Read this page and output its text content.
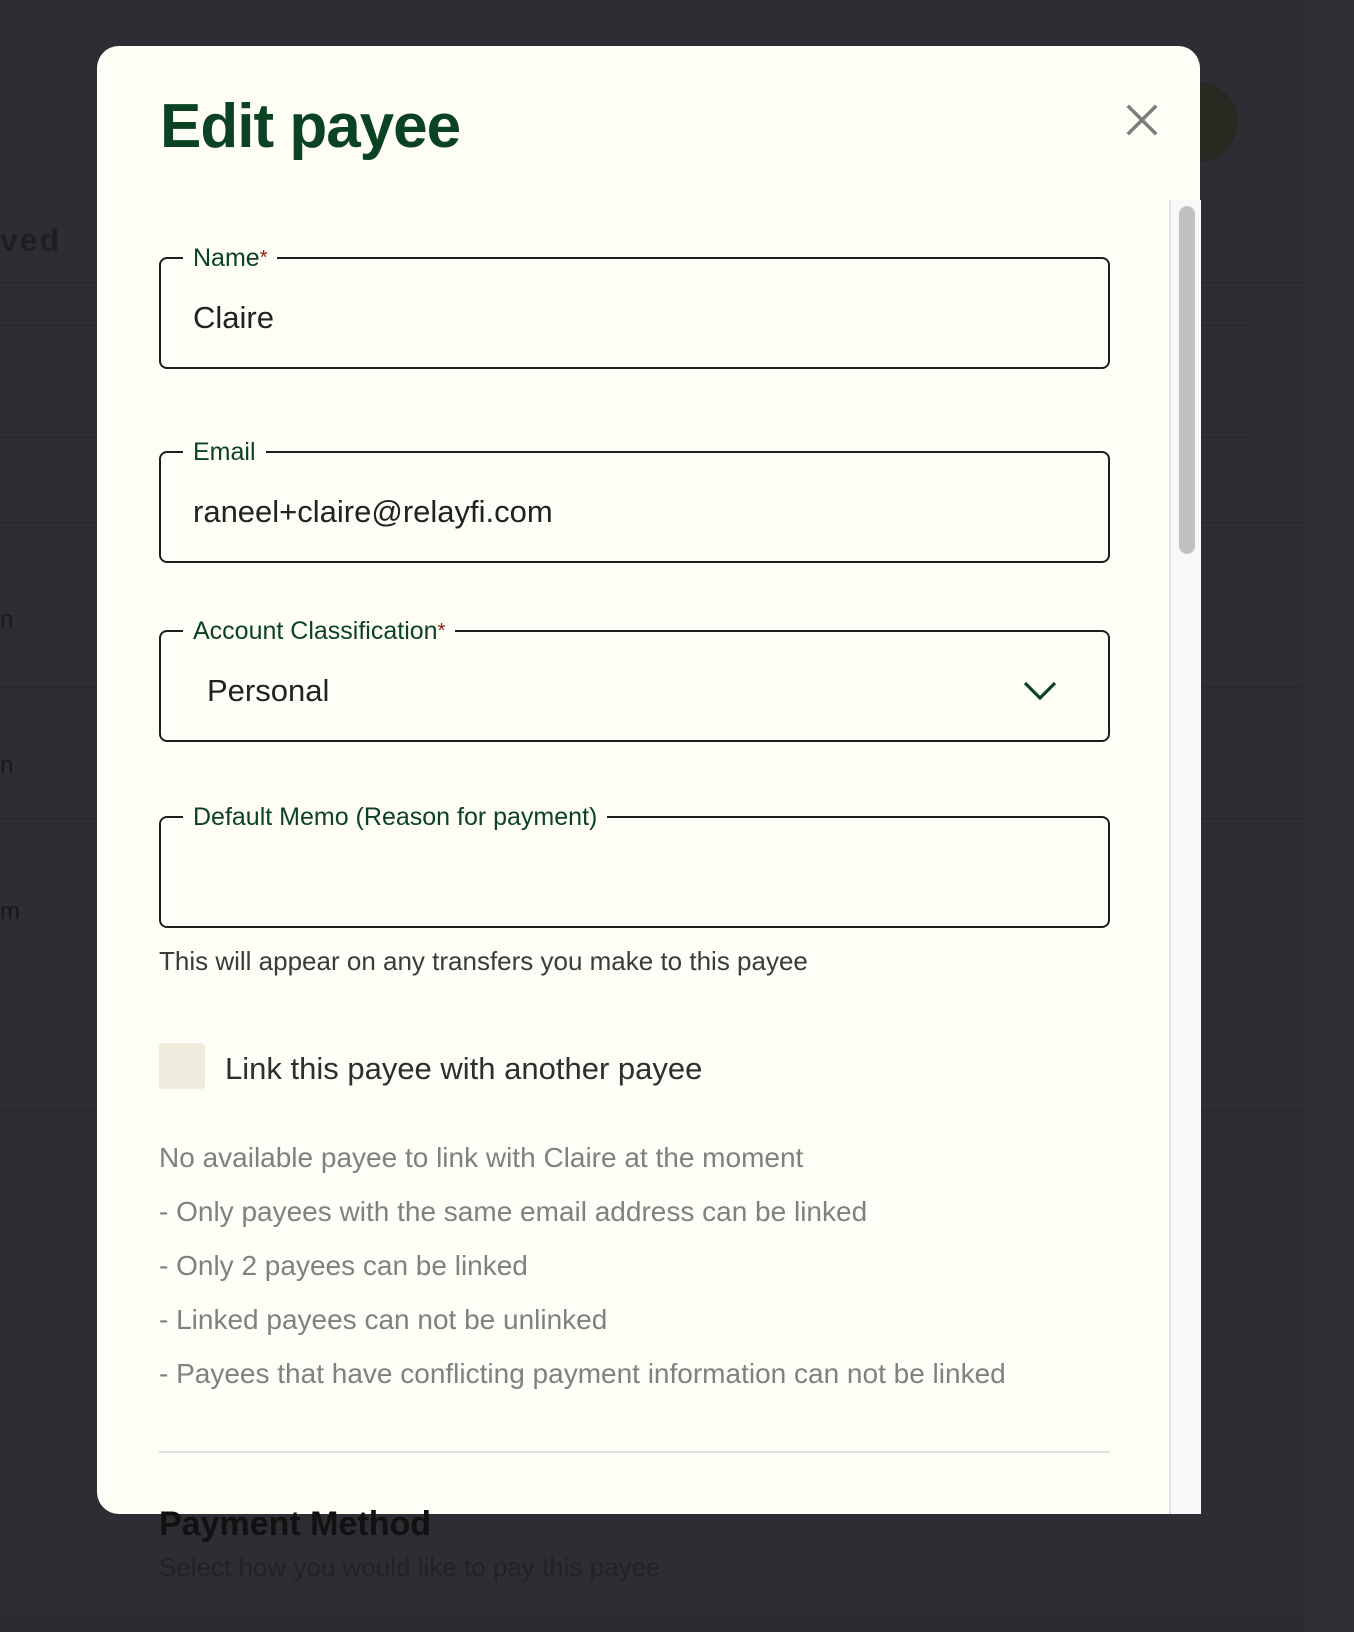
ved
n
n
m
Edit payee
Name*
Claire
Email
raneel+claire@relayfi.com
Account Classification*
Personal
Default Memo (Reason for payment)
This will appear on any transfers you make to this payee
Link this payee with another payee
No available payee to link with Claire at the moment
- Only payees with the same email address can be linked
- Only 2 payees can be linked
- Linked payees can not be unlinked
- Payees that have conflicting payment information can not be linked
Payment Method
Select how you would like to pay this payee
